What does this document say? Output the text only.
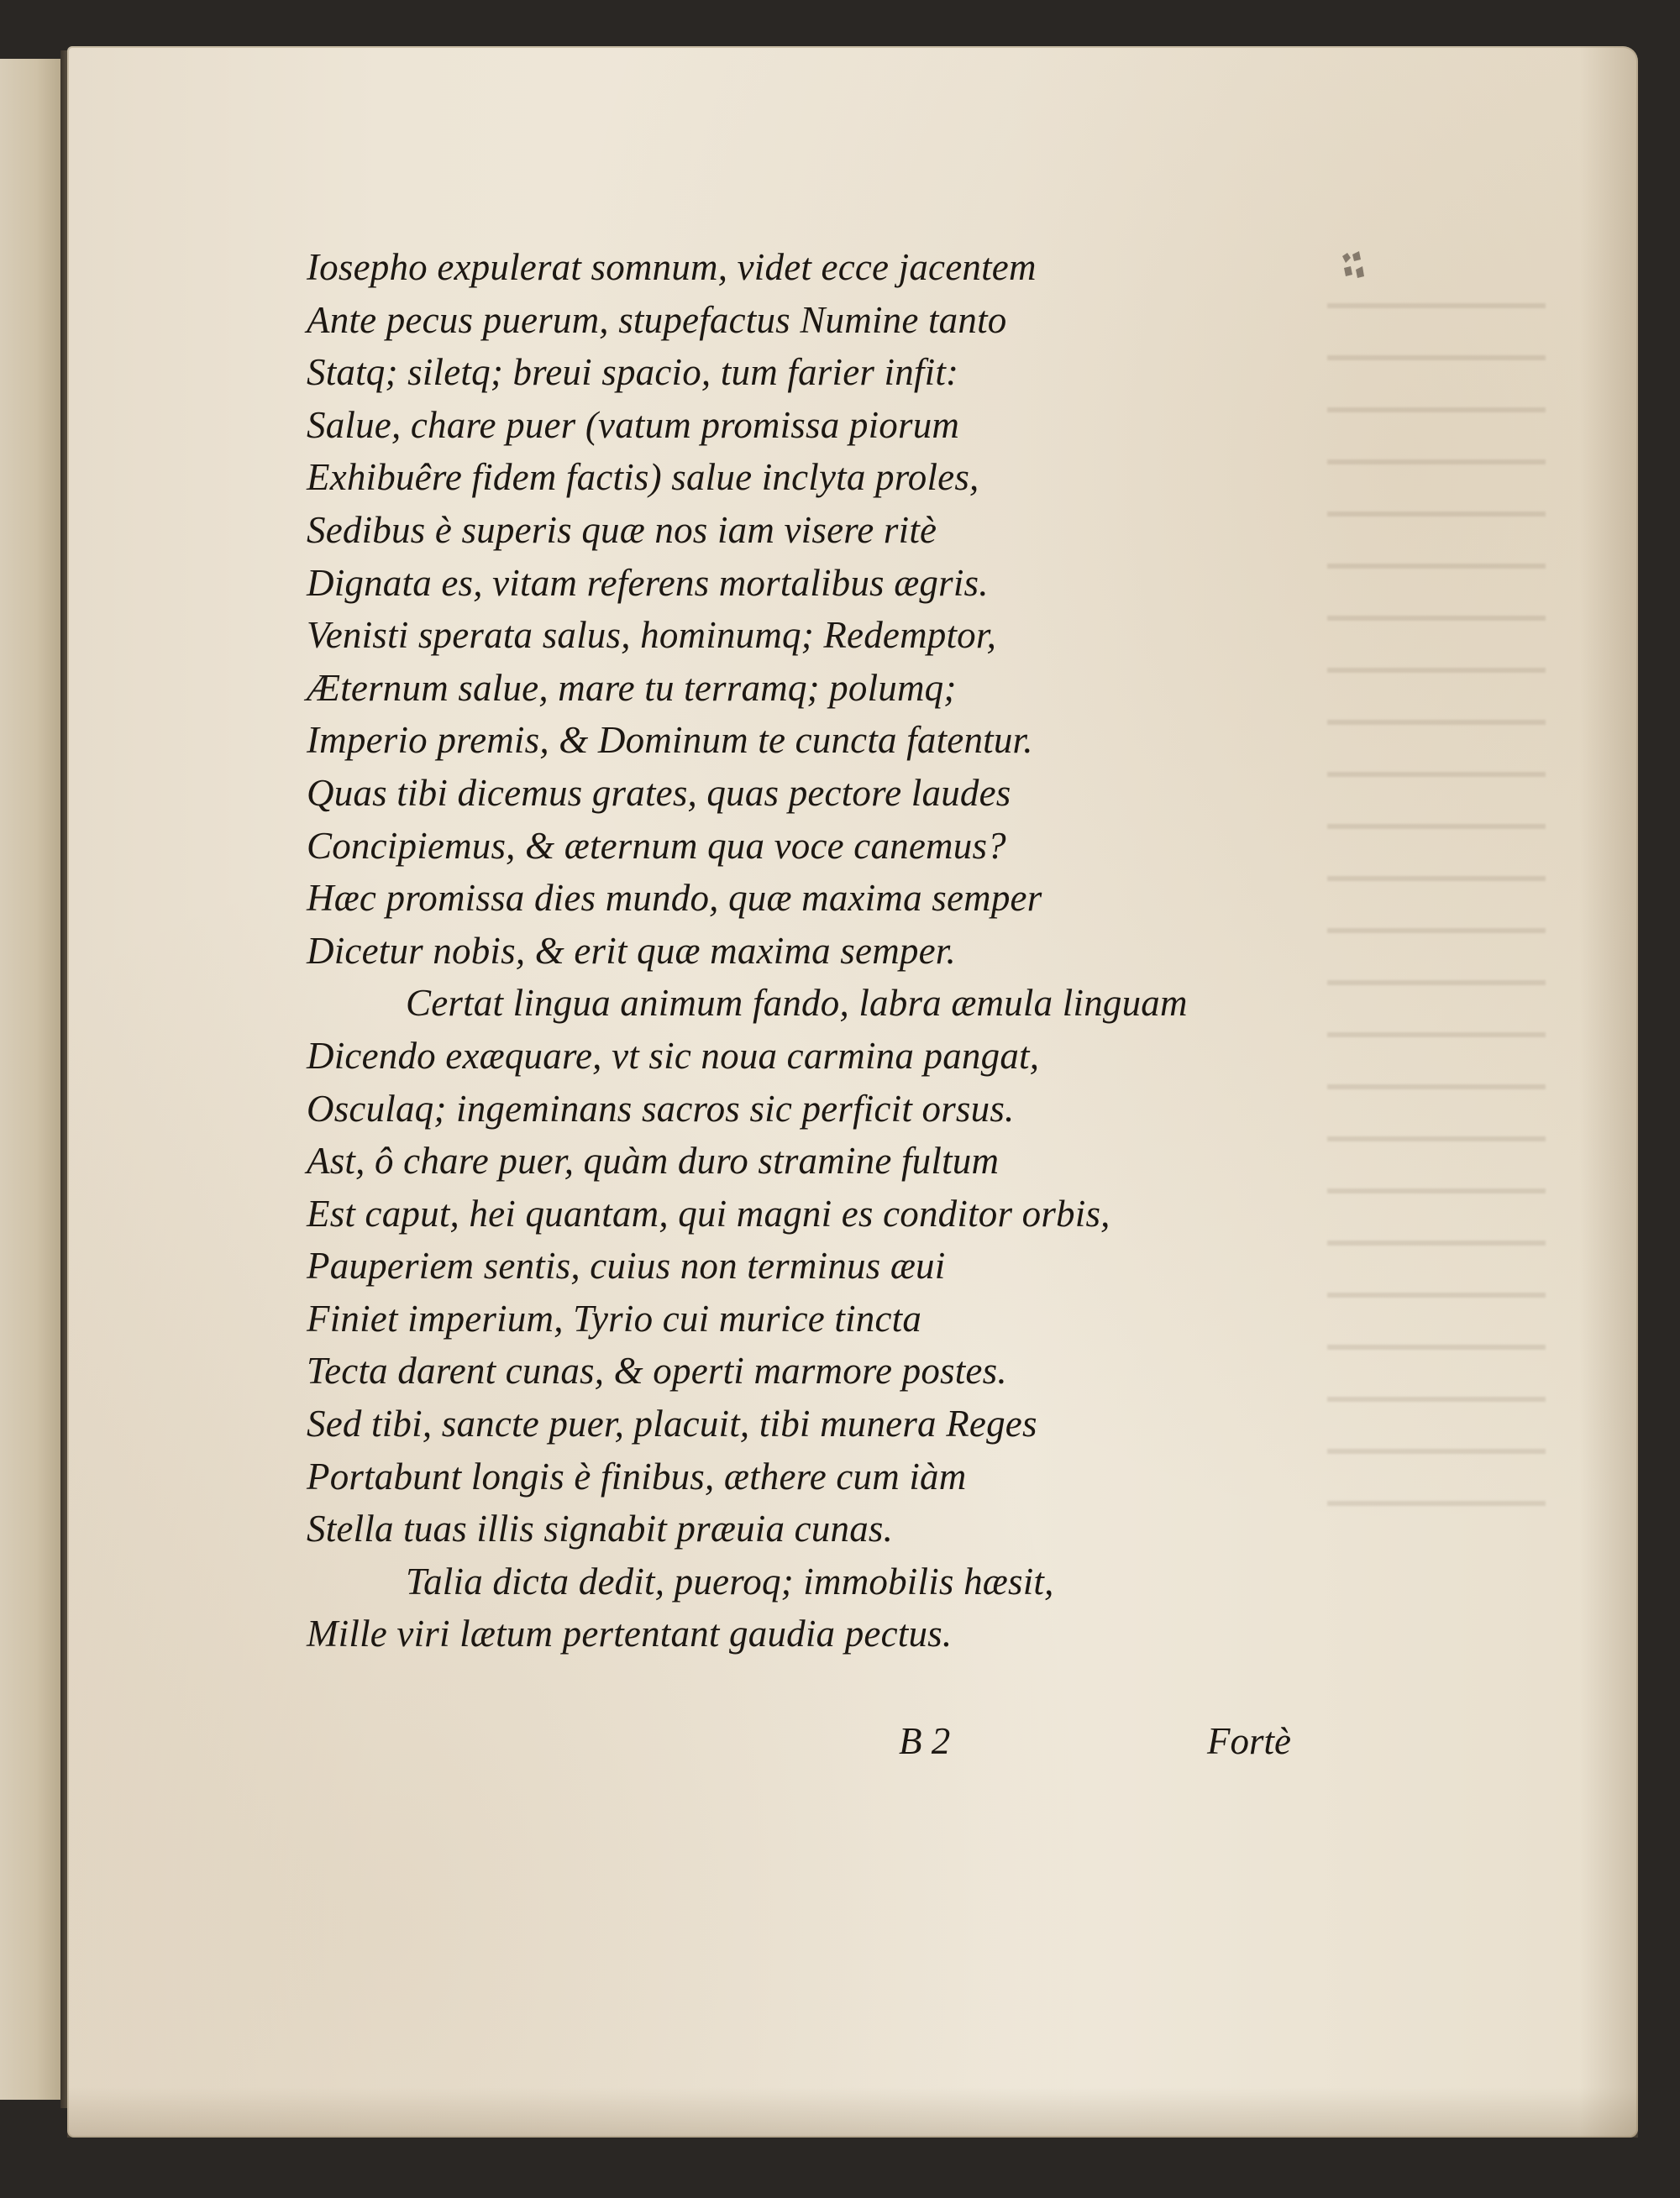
Iosepho expulerat somnum, videt ecce jacentem
Ante pecus puerum, stupefactus Numine tanto
Statq; siletq; breui spacio, tum farier infit:
Salue, chare puer (vatum promissa piorum
Exhibuêre fidem factis) salue inclyta proles,
Sedibus è superis quæ nos iam visere ritè
Dignata es, vitam referens mortalibus ægris.
Venisti sperata salus, hominumq; Redemptor,
Æternum salue, mare tu terramq; polumq;
Imperio premis, & Dominum te cuncta fatentur.
Quas tibi dicemus grates, quas pectore laudes
Concipiemus, & æternum qua voce canemus?
Hæc promissa dies mundo, quæ maxima semper
Dicetur nobis, & erit quæ maxima semper.
Certat lingua animum fando, labra æmula linguam
Dicendo exæquare, vt sic noua carmina pangat,
Osculaq; ingeminans sacros sic perficit orsus.
Ast, ô chare puer, quàm duro stramine fultum
Est caput, hei quantam, qui magni es conditor orbis,
Pauperiem sentis, cuius non terminus æui
Finiet imperium, Tyrio cui murice tincta
Tecta darent cunas, & operti marmore postes.
Sed tibi, sancte puer, placuit, tibi munera Reges
Portabunt longis è finibus, æthere cum iàm
Stella tuas illis signabit præuia cunas.
Talia dicta dedit, pueroq; immobilis hæsit,
Mille viri lætum pertentant gaudia pectus.
B 2	Fortè
